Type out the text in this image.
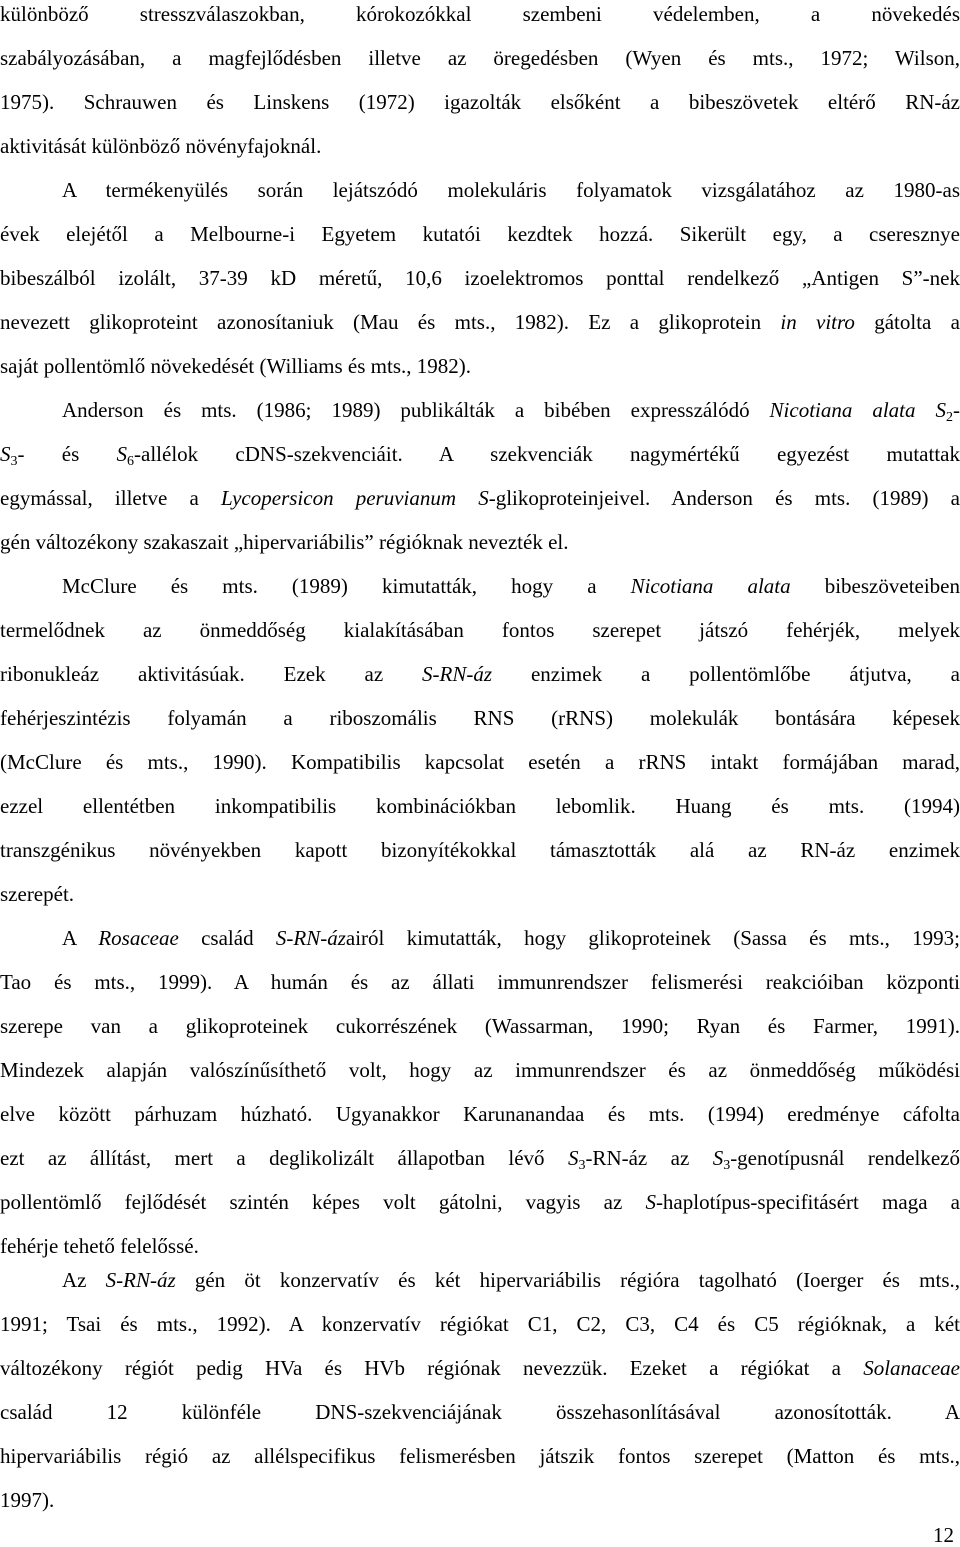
különböző stresszválaszokban, kórokozókkal szembeni védelemben, a növekedés
szabályozásában, a magfejlődésben illetve az öregedésben (Wyen és mts., 1972; Wilson,
1975). Schrauwen és Linskens (1972) igazolták elsőként a bibeszövetek eltérő RN-áz
aktivitását különböző növényfajoknál.
A termékenyülés során lejátszódó molekuláris folyamatok vizsgálatához az 1980-as
évek elejétől a Melbourne-i Egyetem kutatói kezdtek hozzá. Sikerült egy, a cseresznye
bibeszálból izolált, 37-39 kD méretű, 10,6 izoelektromos ponttal rendelkező „Antigen S”-nek
nevezett glikoproteint azonosítaniuk (Mau és mts., 1982). Ez a glikoprotein in vitro gátolta a
saját pollentömlő növekedését (Williams és mts., 1982).
Anderson és mts. (1986; 1989) publikálták a bibében expresszálódó Nicotiana alata $S_2-$
$S_3-$ és $S_6$-allélok cDNS-szekvenciáit. A szekvenciák nagymértékű egyezést mutattak
egymással, illetve a Lycopersicon peruvianum S-glikoproteinjeivel. Anderson és mts. (1989) a
gén változékony szakaszait „hipervariábilis” régióknak nevezték el.
McClure és mts. (1989) kimutatták, hogy a Nicotiana alata bibeszöveteiben
termelődnek az önmeddőség kialakításában fontos szerepet játszó fehérjék, melyek
ribonukleáz aktivitásúak. Ezek az S-RN-áz enzimek a pollentömlőbe átjutva, a
fehérjeszintézis folyamán a riboszomális RNS (rRNS) molekulák bontására képesek
(McClure és mts., 1990). Kompatibilis kapcsolat esetén a rRNS intakt formájában marad,
ezzel ellentétben inkompatibilis kombinációkban lebomlik. Huang és mts. (1994)
transzgénikus növényekben kapott bizonyítékokkal támasztották alá az RN-áz enzimek
szerepét.
A Rosaceae család S-RN-ázairól kimutatták, hogy glikoproteinek (Sassa és mts., 1993;
Tao és mts., 1999). A humán és az állati immunrendszer felismerési reakcióiban központi
szerepe van a glikoproteinek cukorrészének (Wassarman, 1990; Ryan és Farmer, 1991).
Mindezek alapján valószínűsíthető volt, hogy az immunrendszer és az önmeddőség működési
elve között párhuzam húzható. Ugyanakkor Karunanandaa és mts. (1994) eredménye cáfolta
ezt az állítást, mert a deglikolizált állapotban lévő $S_3-RN-áz$ az $S_3$-genotípusnál rendelkező
pollentömlő fejlődését szintén képes volt gátolni, vagyis az S-haplotípus-specifitásért maga a
fehérje tehető felelőssé.
Az S-RN-áz gén öt konzervatív és két hipervariábilis régióra tagolható (Ioerger és mts.,
1991; Tsai és mts., 1992). A konzervatív régiókat C1, C2, C3, C4 és C5 régióknak, a két
változékony régiót pedig HVa és HVb régiónak nevezzük. Ezeket a régiókat a Solanaceae
család 12 különféle DNS-szekvenciájának összehasonlításával azonosították. A
hipervariábilis régió az allélspecifikus felismerésben játszik fontos szerepet (Matton és mts.,
1997).
12
